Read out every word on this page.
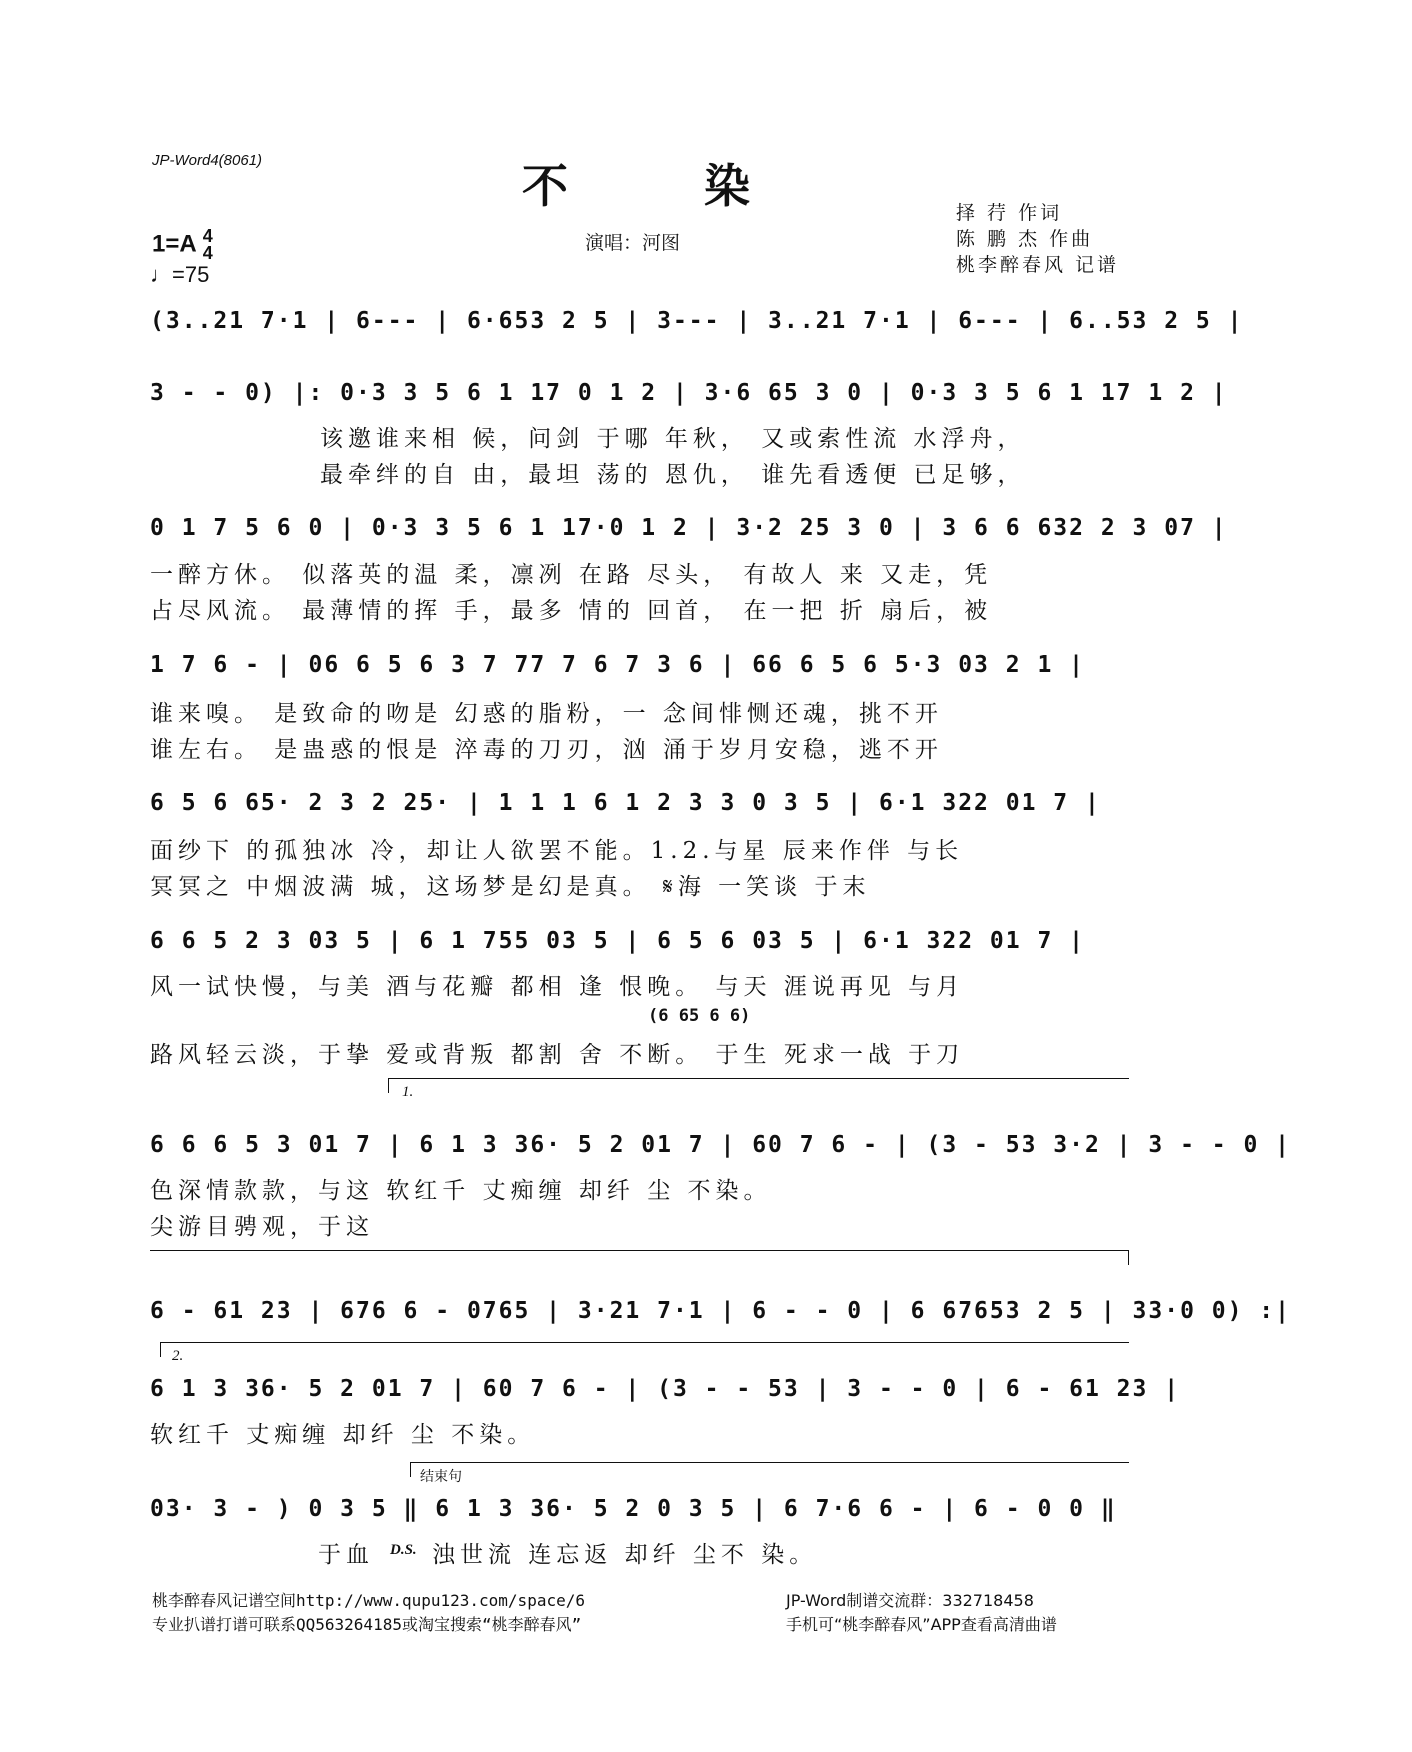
JP-Word4(8061)	不 染
1=A 4
4
♩=75
演唱：河图
择 荇 作词
陈 鹏 杰 作曲
桃李醉春风 记谱
(3..21 7·1 | 6--- | 6·653 2 5 | 3--- | 3..21 7·1 | 6--- | 6..53 2 5 |
3 - - 0) |: 0·3 3 5 6 1 17 0 1 2 | 3·6 65 3 0 | 0·3 3 5 6 1 17 1 2 |
该邀谁来相 候，问剑 于哪 年秋， 又或索性流 水浮舟，
最牵绊的自 由，最坦 荡的 恩仇， 谁先看透便 已足够，
0 1 7 5 6 0 | 0·3 3 5 6 1 17·0 1 2 | 3·2 25 3 0 | 3 6 6 632 2 3 07 |
一醉方休。 似落英的温 柔，凛冽 在路 尽头， 有故人 来 又走，凭
占尽风流。 最薄情的挥 手，最多 情的 回首， 在一把 折 扇后，被
1 7 6 - | 06 6 5 6 3 7 77 7 6 7 3 6 | 66 6 5 6 5·3 03 2 1 |
谁来嗅。 是致命的吻是 幻惑的脂粉，一 念间悱恻还魂，挑不开
谁左右。 是蛊惑的恨是 淬毒的刀刃，汹 涌于岁月安稳，逃不开
6 5 6 65· 2 3 2 25· | 1 1 1 6 1 2 3 3 0 3 5 | 6·1 322 01 7 |
面纱下 的孤独冰 冷，却让人欲罢不能。1.2.与星 辰来作伴 与长
冥冥之 中烟波满 城，这场梦是幻是真。 𝄋海 一笑谈 于末
6 6 5 2 3 03 5 | 6 1 755 03 5 | 6 5 6 03 5 | 6·1 322 01 7 |
风一试快慢，与美 酒与花瓣 都相 逢 恨晚。 与天 涯说再见 与月
(6 65 6 6)
路风轻云淡，于挚 爱或背叛 都割 舍 不断。 于生 死求一战 于刀
1.
6 6 6 5 3 01 7 | 6 1 3 36· 5 2 01 7 | 60 7 6 - | (3 - 53 3·2 | 3 - - 0 |
色深情款款，与这 软红千 丈痴缠 却纤 尘 不染。
尖游目骋观，于这
6 - 61 23 | 676 6 - 0765 | 3·21 7·1 | 6 - - 0 | 6 67653 2 5 | 33·0 0) :|
2.
6 1 3 36· 5 2 01 7 | 60 7 6 - | (3 - - 53 | 3 - - 0 | 6 - 61 23 |
软红千 丈痴缠 却纤 尘 不染。
结束句
03· 3 - ) 0 3 5 ‖ 6 1 3 36· 5 2 0 3 5 | 6 7·6 6 - | 6 - 0 0 ‖
于血	D.S. 浊世流 连忘返 却纤 尘不 染。
桃李醉春风记谱空间http://www.qupu123.com/space/6
专业扒谱打谱可联系QQ563264185或淘宝搜索“桃李醉春风”
JP-Word制谱交流群：332718458
手机可“桃李醉春风”APP查看高清曲谱
